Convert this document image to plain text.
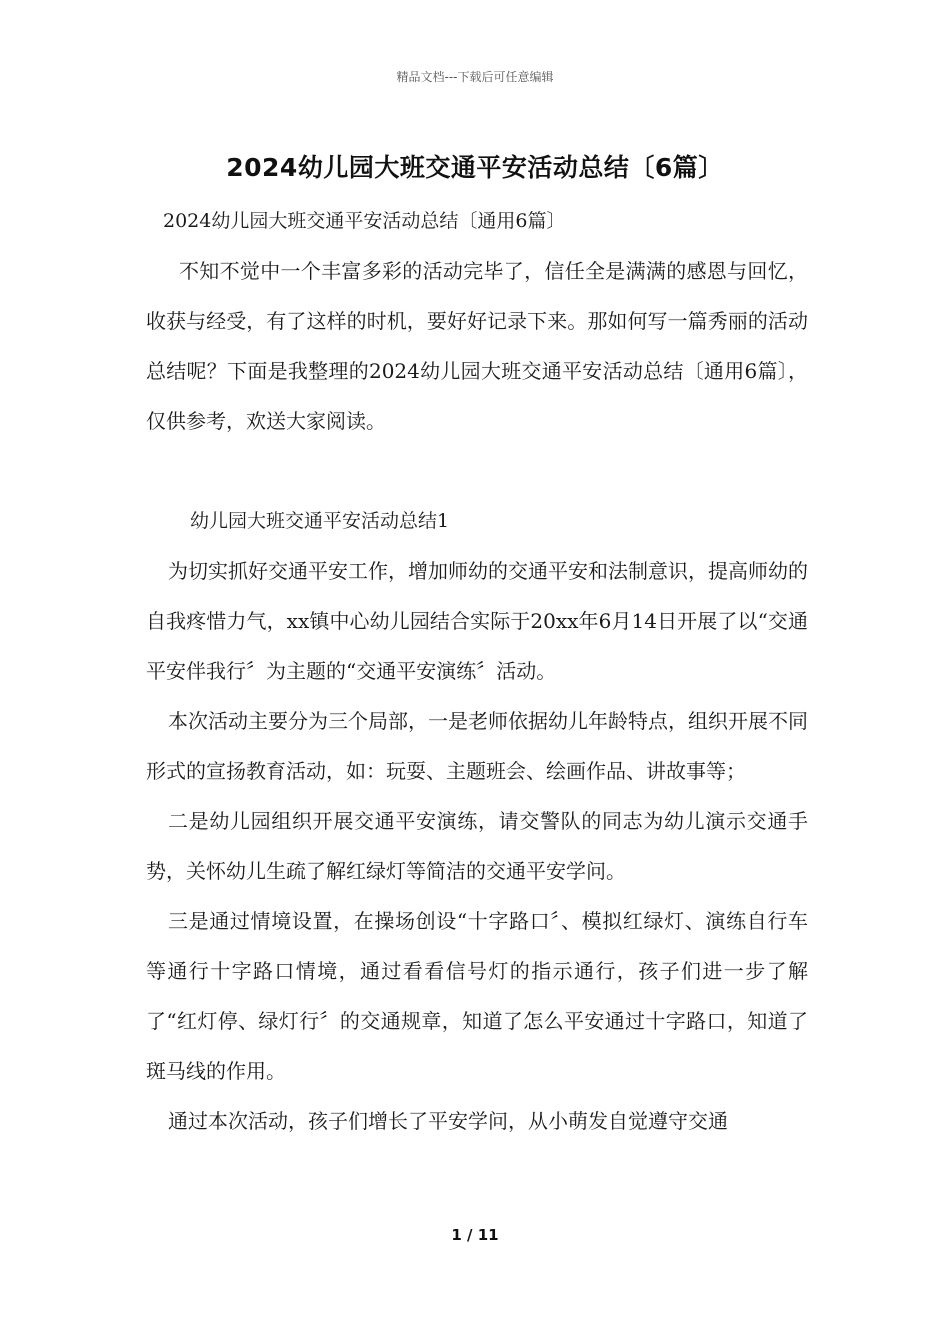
精品文档---下载后可任意编辑
2024幼儿园大班交通平安活动总结〔6篇〕
2024幼儿园大班交通平安活动总结〔通用6篇〕

不知不觉中一个丰富多彩的活动完毕了，信任全是满满的感恩与回忆，收获与经受，有了这样的时机，要好好记录下来。那如何写一篇秀丽的活动总结呢？下面是我整理的2024幼儿园大班交通平安活动总结〔通用6篇〕，仅供参考，欢送大家阅读。

幼儿园大班交通平安活动总结1

为切实抓好交通平安工作，增加师幼的交通平安和法制意识，提高师幼的自我疼惜力气，xx镇中心幼儿园结合实际于20xx年6月14日开展了以“交通平安伴我行〞为主题的“交通平安演练〞活动。

本次活动主要分为三个局部，一是老师依据幼儿年龄特点，组织开展不同形式的宣扬教育活动，如：玩耍、主题班会、绘画作品、讲故事等；

二是幼儿园组织开展交通平安演练，请交警队的同志为幼儿演示交通手势，关怀幼儿生疏了解红绿灯等简洁的交通平安学问。

三是通过情境设置，在操场创设“十字路口〞、模拟红绿灯、演练自行车等通行十字路口情境，通过看看信号灯的指示通行，孩子们进一步了解了“红灯停、绿灯行〞的交通规章，知道了怎么平安通过十字路口，知道了斑马线的作用。

通过本次活动，孩子们增长了平安学问，从小萌发自觉遵守交通

1 / 11
